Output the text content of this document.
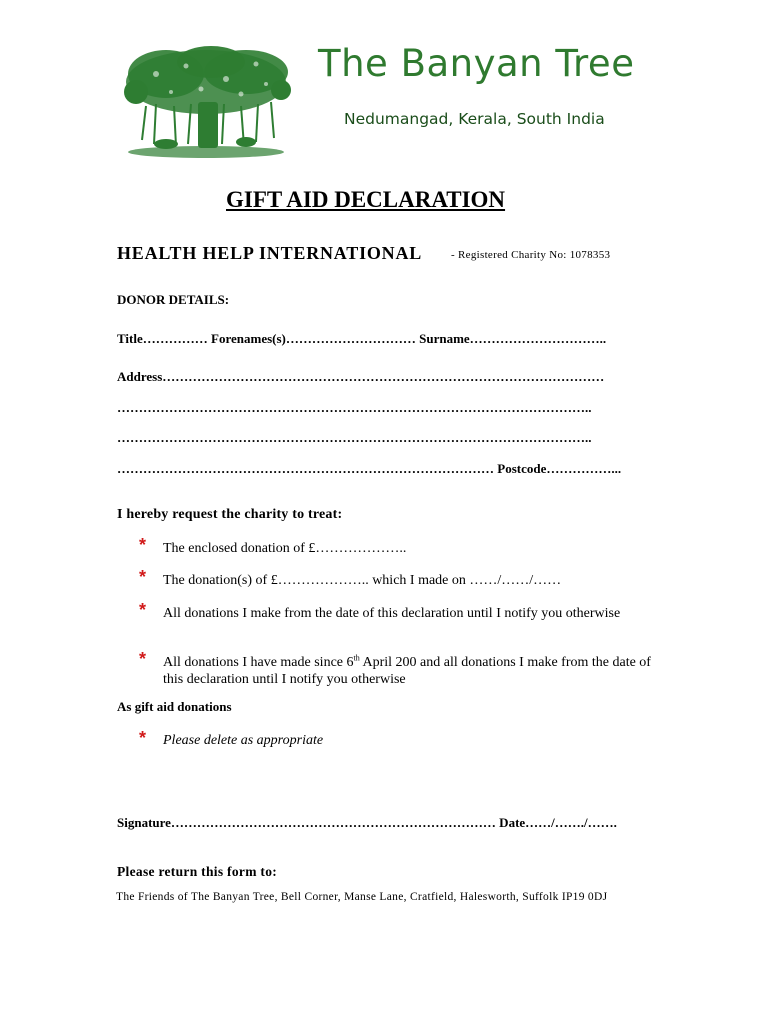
The Banyan Tree
Nedumangad, Kerala, South India
GIFT AID DECLARATION
HEALTH HELP INTERNATIONAL	- Registered Charity No: 1078353
DONOR DETAILS:
Title…………… Forenames(s)………………………… Surname…………………………..
Address…………………………………………………………………………………………
………………………………………………………………………………………………..
………………………………………………………………………………………………..
…………………………………………………………………………… Postcode……………...
I hereby request the charity to treat:
* The enclosed donation of £………………..
* The donation(s) of £……………….. which I made on ……/……/……
* All donations I make from the date of this declaration until I notify you otherwise
* All donations I have made since 6th April 200 and all donations I make from the date of this declaration until I notify you otherwise
As gift aid donations
* Please delete as appropriate
Signature………………………………………………………………… Date……/……./…….
Please return this form to:
The Friends of The Banyan Tree, Bell Corner, Manse Lane, Cratfield, Halesworth, Suffolk IP19 0DJ
